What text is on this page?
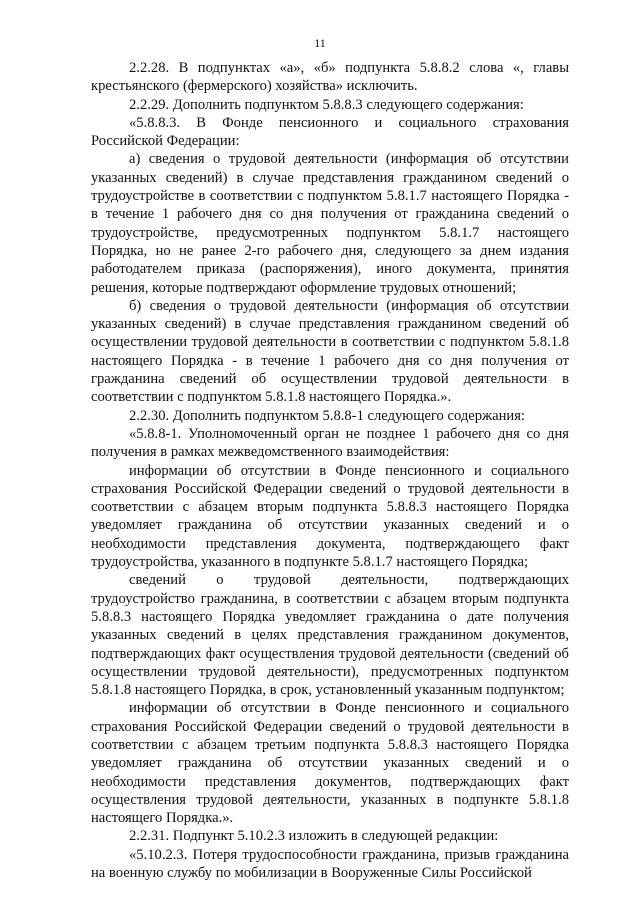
11

2.2.28. В подпунктах «а», «б» подпункта 5.8.8.2 слова «, главы крестьянского (фермерского) хозяйства» исключить.

2.2.29. Дополнить подпунктом 5.8.8.3 следующего содержания:

«5.8.8.3. В Фонде пенсионного и социального страхования Российской Федерации:

а) сведения о трудовой деятельности (информация об отсутствии указанных сведений) в случае представления гражданином сведений о трудоустройстве в соответствии с подпунктом 5.8.1.7 настоящего Порядка - в течение 1 рабочего дня со дня получения от гражданина сведений о трудоустройстве, предусмотренных подпунктом 5.8.1.7 настоящего Порядка, но не ранее 2-го рабочего дня, следующего за днем издания работодателем приказа (распоряжения), иного документа, принятия решения, которые подтверждают оформление трудовых отношений;

б) сведения о трудовой деятельности (информация об отсутствии указанных сведений) в случае представления гражданином сведений об осуществлении трудовой деятельности в соответствии с подпунктом 5.8.1.8 настоящего Порядка - в течение 1 рабочего дня со дня получения от гражданина сведений об осуществлении трудовой деятельности в соответствии с подпунктом 5.8.1.8 настоящего Порядка.».

2.2.30. Дополнить подпунктом 5.8.8-1 следующего содержания:

«5.8.8-1. Уполномоченный орган не позднее 1 рабочего дня со дня получения в рамках межведомственного взаимодействия:

информации об отсутствии в Фонде пенсионного и социального страхования Российской Федерации сведений о трудовой деятельности в соответствии с абзацем вторым подпункта 5.8.8.3 настоящего Порядка уведомляет гражданина об отсутствии указанных сведений и о необходимости представления документа, подтверждающего факт трудоустройства, указанного в подпункте 5.8.1.7 настоящего Порядка;

сведений о трудовой деятельности, подтверждающих трудоустройство гражданина, в соответствии с абзацем вторым подпункта 5.8.8.3 настоящего Порядка уведомляет гражданина о дате получения указанных сведений в целях представления гражданином документов, подтверждающих факт осуществления трудовой деятельности (сведений об осуществлении трудовой деятельности), предусмотренных подпунктом 5.8.1.8 настоящего Порядка, в срок, установленный указанным подпунктом;

информации об отсутствии в Фонде пенсионного и социального страхования Российской Федерации сведений о трудовой деятельности в соответствии с абзацем третьим подпункта 5.8.8.3 настоящего Порядка уведомляет гражданина об отсутствии указанных сведений и о необходимости представления документов, подтверждающих факт осуществления трудовой деятельности, указанных в подпункте 5.8.1.8 настоящего Порядка.».

2.2.31. Подпункт 5.10.2.3 изложить в следующей редакции:

«5.10.2.3. Потеря трудоспособности гражданина, призыв гражданина на военную службу по мобилизации в Вооруженные Силы Российской
